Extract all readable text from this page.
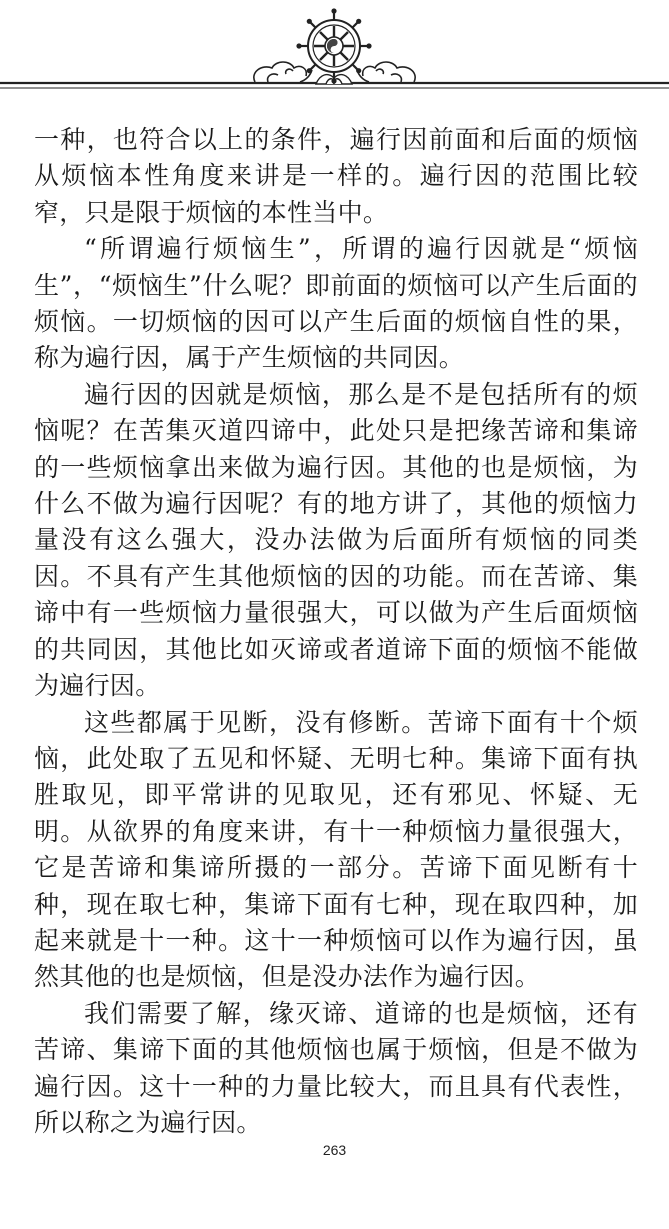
一种，也符合以上的条件，遍行因前面和后面的烦恼从烦恼本性角度来讲是一样的。遍行因的范围比较窄，只是限于烦恼的本性当中。

“所谓遍行烦恼生”，所谓的遍行因就是“烦恼生”，“烦恼生”什么呢？即前面的烦恼可以产生后面的烦恼。一切烦恼的因可以产生后面的烦恼自性的果，称为遍行因，属于产生烦恼的共同因。

遍行因的因就是烦恼，那么是不是包括所有的烦恼呢？在苦集灭道四谛中，此处只是把缘苦谛和集谛的一些烦恼拿出来做为遍行因。其他的也是烦恼，为什么不做为遍行因呢？有的地方讲了，其他的烦恼力量没有这么强大，没办法做为后面所有烦恼的同类因。不具有产生其他烦恼的因的功能。而在苦谛、集谛中有一些烦恼力量很强大，可以做为产生后面烦恼的共同因，其他比如灭谛或者道谛下面的烦恼不能做为遍行因。

这些都属于见断，没有修断。苦谛下面有十个烦恼，此处取了五见和怀疑、无明七种。集谛下面有执胜取见，即平常讲的见取见，还有邪见、怀疑、无明。从欲界的角度来讲，有十一种烦恼力量很强大，它是苦谛和集谛所摄的一部分。苦谛下面见断有十种，现在取七种，集谛下面有七种，现在取四种，加起来就是十一种。这十一种烦恼可以作为遍行因，虽然其他的也是烦恼，但是没办法作为遍行因。

我们需要了解，缘灭谛、道谛的也是烦恼，还有苦谛、集谛下面的其他烦恼也属于烦恼，但是不做为遍行因。这十一种的力量比较大，而且具有代表性，所以称之为遍行因。

263
